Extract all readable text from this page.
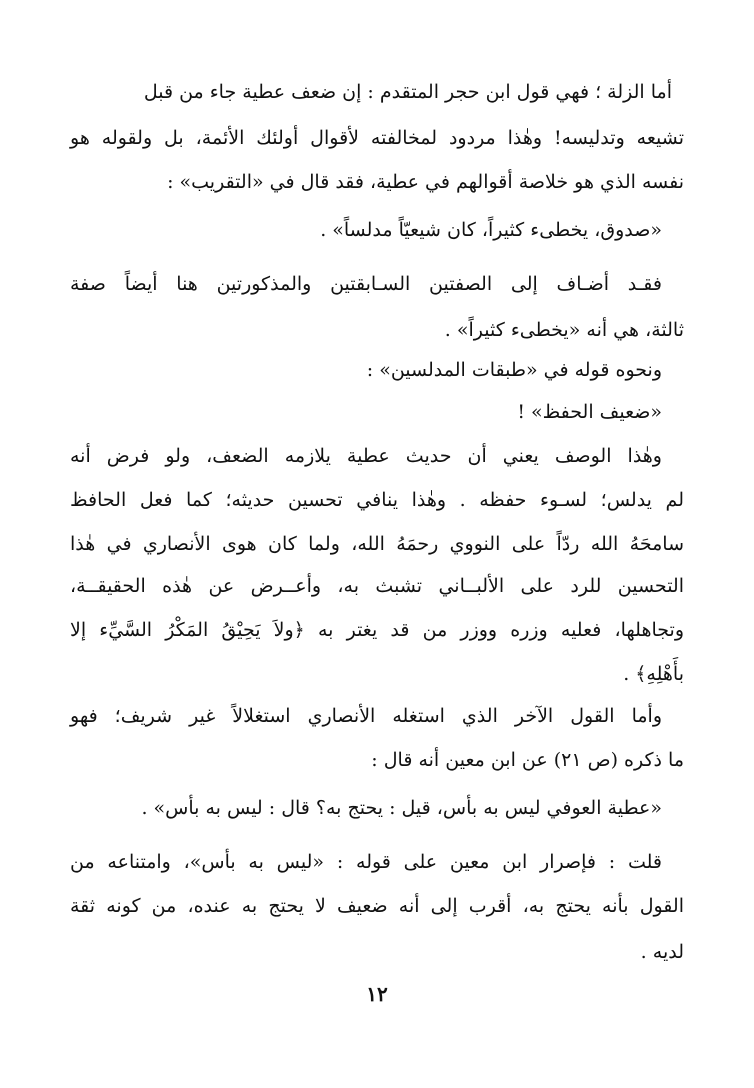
أما الزلة ؛ فهي قول ابن حجر المتقدم : إن ضعف عطية جاء من قبل
تشيعه وتدليسه! وهٰذا مردود لمخالفته لأقوال أولئك الأئمة، بل ولقوله هو
نفسه الذي هو خلاصة أقوالهم في عطية، فقد قال في «التقريب» :
«صدوق، يخطىء كثيراً، كان شيعيّاً مدلساً» .
فقـد أضـاف إلى الصفتين السـابقتين والمذكورتين هنا أيضاً صفة
ثالثة، هي أنه «يخطىء كثيراً» .
ونحوه قوله في «طبقات المدلسين» :
«ضعيف الحفظ» !
وهٰذا الوصف يعني أن حديث عطية يلازمه الضعف، ولو فرض أنه
لم يدلس؛ لسـوء حفظه . وهٰذا ينافي تحسين حديثه؛ كما فعل الحافظ
سامحَهُ الله ردّاً على النووي رحمَهُ الله، ولما كان هوى الأنصاري في هٰذا
التحسين للرد على الألبــاني تشبث به، وأعــرض عن هٰذه الحقيقــة،
وتجاهلها، فعليه وزره ووزر من قد يغتر به ﴿ولاَ يَحِيْقُ المَكْرُ السَّيِّء إلا
بأَهْلِهِ﴾ .
وأما القول الآخر الذي استغله الأنصاري استغلالاً غير شريف؛ فهو
ما ذكره (ص ٢١) عن ابن معين أنه قال :
«عطية العوفي ليس به بأس، قيل : يحتج به؟ قال : ليس به بأس» .
قلت : فإصرار ابن معين على قوله : «ليس به بأس»، وامتناعه من
القول بأنه يحتج به، أقرب إلى أنه ضعيف لا يحتج به عنده، من كونه ثقة
لديه .
١٢
